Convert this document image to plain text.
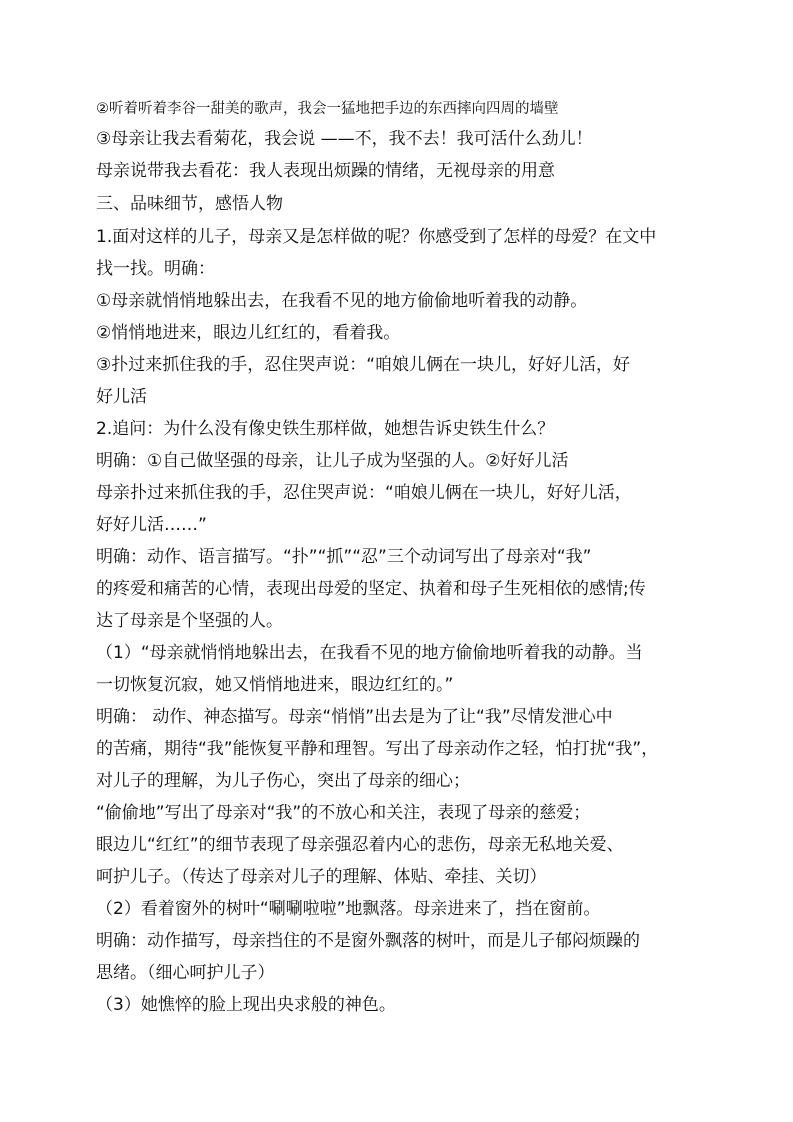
②听着听着李谷一甜美的歌声，我会一猛地把手边的东西摔向四周的墙壁
③母亲让我去看菊花，我会说 ——不，我不去！我可活什么劲儿！
母亲说带我去看花：我人表现出烦躁的情绪，无视母亲的用意
三、品味细节，感悟人物
1.面对这样的儿子，母亲又是怎样做的呢？你感受到了怎样的母爱？在文中
找一找。明确：
①母亲就悄悄地躲出去，在我看不见的地方偷偷地听着我的动静。
②悄悄地进来，眼边儿红红的，看着我。
③扑过来抓住我的手，忍住哭声说：“咱娘儿俩在一块儿，好好儿活，好
好儿活
2.追问：为什么没有像史铁生那样做，她想告诉史铁生什么？
明确：①自己做坚强的母亲，让儿子成为坚强的人。②好好儿活
母亲扑过来抓住我的手，忍住哭声说：“咱娘儿俩在一块儿，好好儿活，
好好儿活……”
明确：动作、语言描写。“扑”“抓”“忍”三个动词写出了母亲对“我”
的疼爱和痛苦的心情，表现出母爱的坚定、执着和母子生死相依的感情;传
达了母亲是个坚强的人。
（1）“母亲就悄悄地躲出去，在我看不见的地方偷偷地听着我的动静。当
一切恢复沉寂，她又悄悄地进来，眼边红红的。”
明确： 动作、神态描写。母亲“悄悄”出去是为了让“我”尽情发泄心中
的苦痛，期待“我”能恢复平静和理智。写出了母亲动作之轻，怕打扰“我”，
对儿子的理解，为儿子伤心，突出了母亲的细心；
“偷偷地”写出了母亲对“我”的不放心和关注，表现了母亲的慈爱；
眼边儿“红红”的细节表现了母亲强忍着内心的悲伤，母亲无私地关爱、
呵护儿子。（传达了母亲对儿子的理解、体贴、牵挂、关切）
（2）看着窗外的树叶“唰唰啦啦”地飘落。母亲进来了，挡在窗前。
明确：动作描写，母亲挡住的不是窗外飘落的树叶，而是儿子郁闷烦躁的
思绪。（细心呵护儿子）
（3）她憔悴的脸上现出央求般的神色。
